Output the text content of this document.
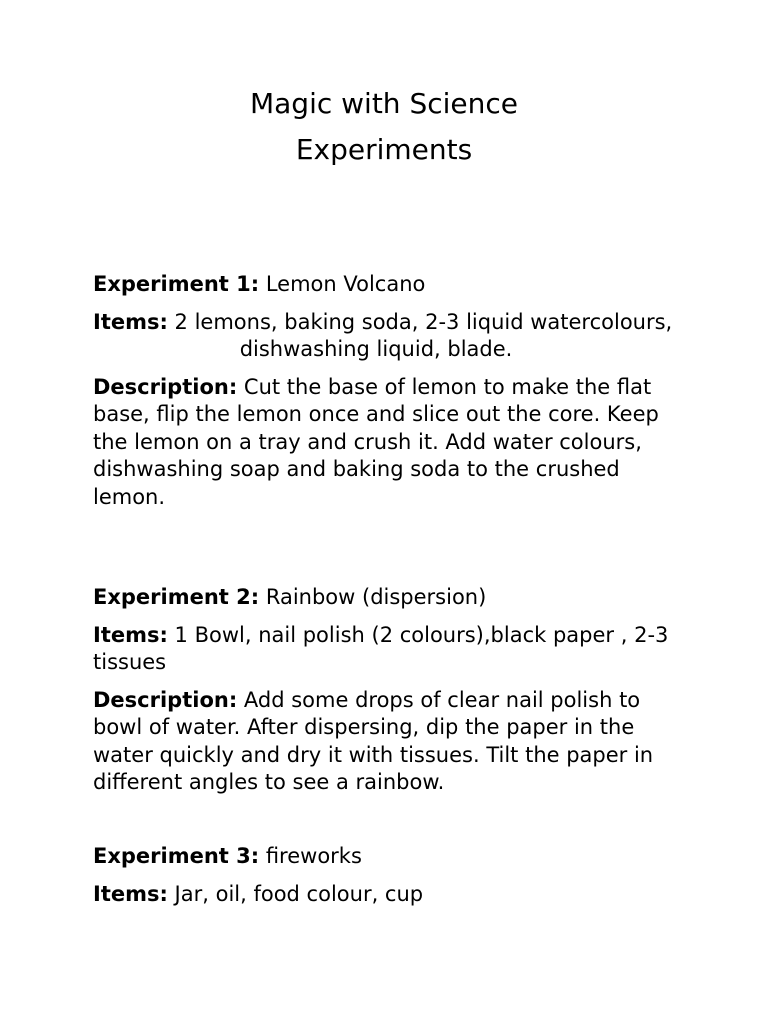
Magic with Science
Experiments

Experiment 1: Lemon Volcano

Items: 2 lemons, baking soda, 2-3 liquid watercolours, dishwashing liquid, blade.

Description: Cut the base of lemon to make the flat base, flip the lemon once and slice out the core. Keep the lemon on a tray and crush it. Add water colours, dishwashing soap and baking soda to the crushed lemon.

Experiment 2: Rainbow (dispersion)

Items: 1 Bowl, nail polish (2 colours),black paper , 2-3 tissues

Description: Add some drops of clear nail polish to bowl of water. After dispersing, dip the paper in the water quickly and dry it with tissues. Tilt the paper in different angles to see a rainbow.

Experiment 3: fireworks

Items: Jar, oil, food colour, cup
